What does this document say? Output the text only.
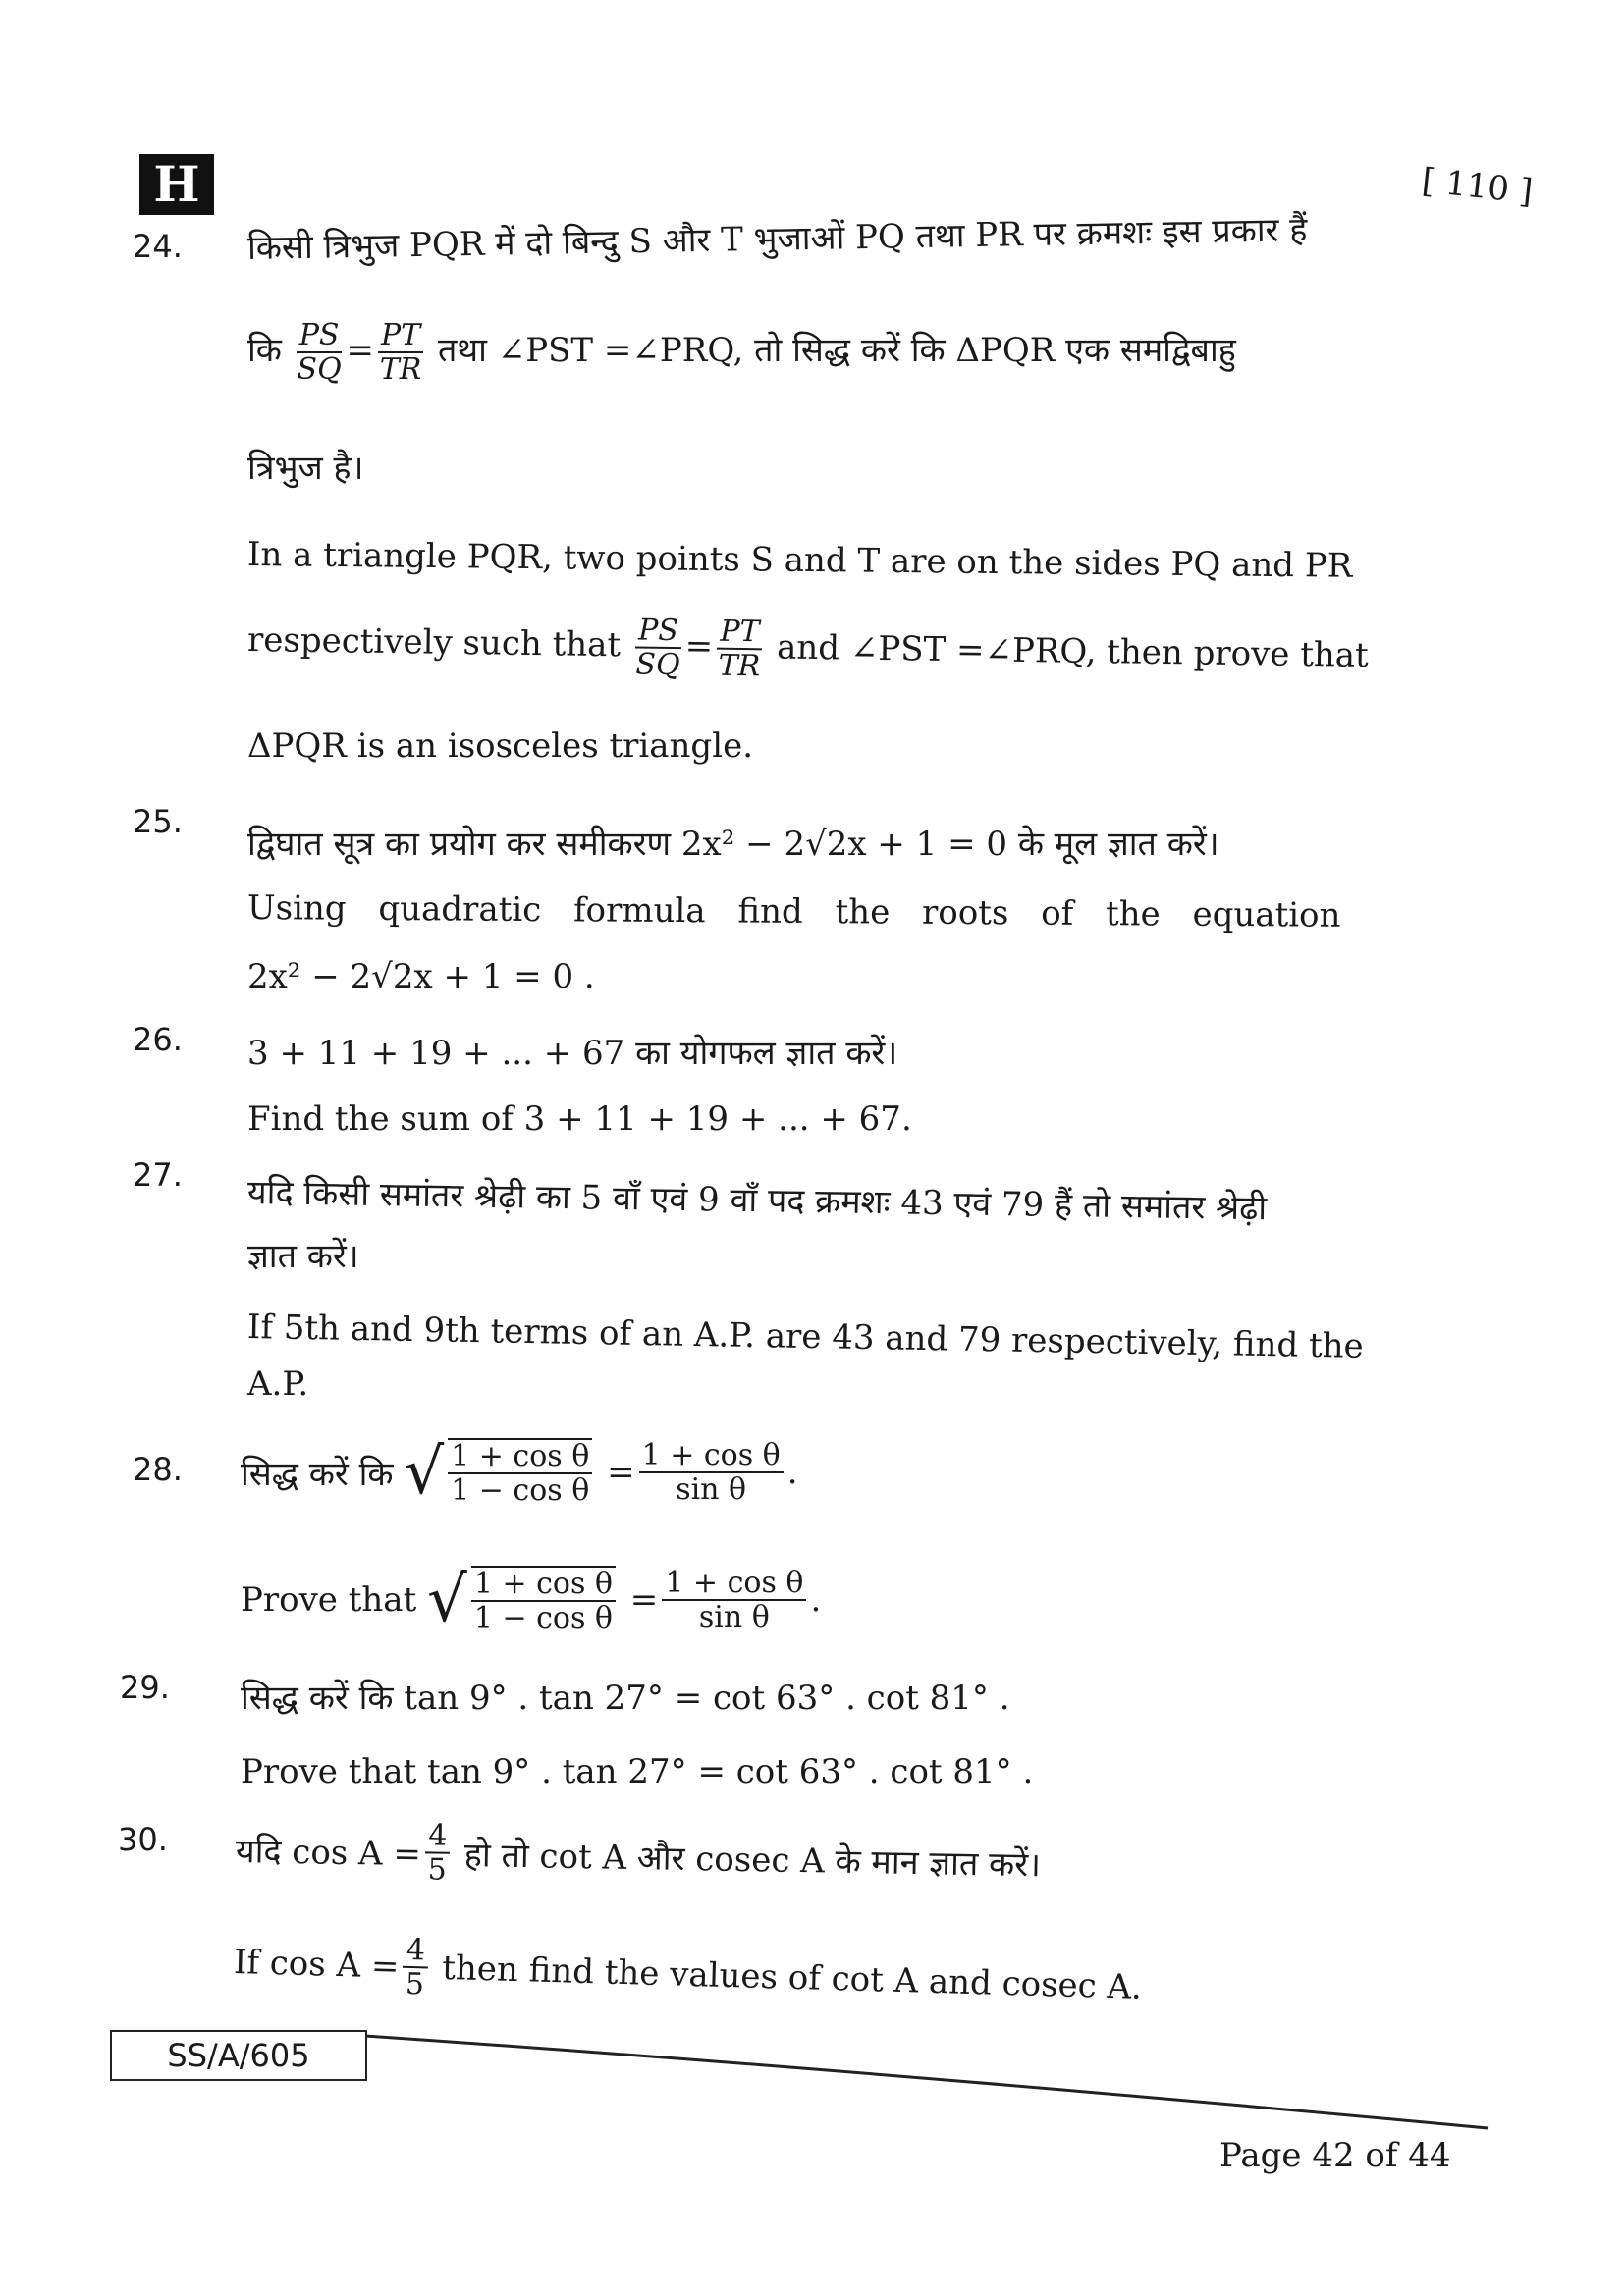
H	[ 110 ]
24. किसी त्रिभुज PQR में दो बिन्दु S और T भुजाओं PQ तथा PR पर क्रमशः इस प्रकार हैं
कि $\frac{PS}{SQ} = \frac{PT}{TR}$ तथा ∠PST =∠PRQ, तो सिद्ध करें कि ΔPQR एक समद्विबाहु
त्रिभुज है।
In a triangle PQR, two points S and T are on the sides PQ and PR
respectively such that $\frac{PS}{SQ} = \frac{PT}{TR}$ and ∠PST =∠PRQ, then prove that
ΔPQR is an isosceles triangle.
25.
द्विघात सूत्र का प्रयोग कर समीकरण 2x² − 2√2x + 1 = 0 के मूल ज्ञात करें।
Using quadratic formula find the roots of the equation
2x² − 2√2x + 1 = 0 .
26. 3 + 11 + 19 + ... + 67 का योगफल ज्ञात करें।
Find the sum of 3 + 11 + 19 + ... + 67.
27. यदि किसी समांतर श्रेढ़ी का 5 वाँ एवं 9 वाँ पद क्रमशः 43 एवं 79 हैं तो समांतर श्रेढ़ी
ज्ञात करें।
If 5th and 9th terms of an A.P. are 43 and 79 respectively, find the
A.P.
28. सिद्ध करें कि √ $\frac{\text{1 + cos θ}}{\text{1 − cos θ}} = \frac{\text{1 + cos θ}}{\text{sin θ}}$ .
Prove that √ $\frac{\text{1 + cos θ}}{\text{1 − cos θ}} = \frac{\text{1 + cos θ}}{\text{sin θ}}$ .
29. सिद्ध करें कि tan 9° . tan 27° = cot 63° . cot 81° .
Prove that tan 9° . tan 27° = cot 63° . cot 81° .
30. यदि $\cos A = \frac{4}{5}$ हो तो cot A और cosec A के मान ज्ञात करें।
If $\cos A = \frac{4}{5}$ then find the values of cot A and cosec A.
SS/A/605
Page 42 of 44
